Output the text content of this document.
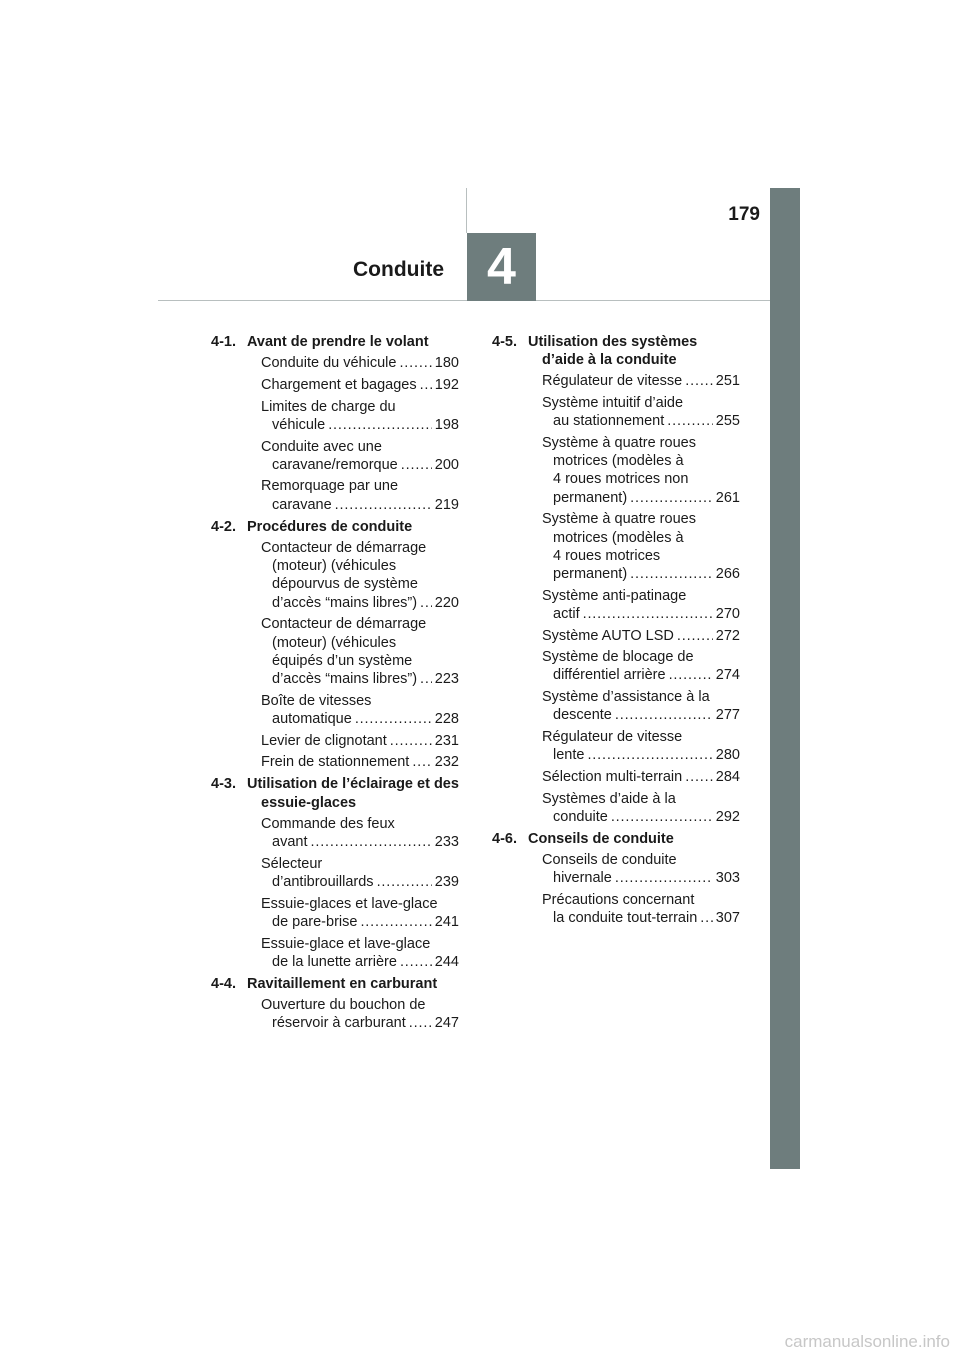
179
Conduite 4
4-1. Avant de prendre le volant
Conduite du véhicule . . .	180
Chargement et bagages . . . 192
Limites de charge du
véhicule . . .	198
Conduite avec une
caravane/remorque . . .	200
Remorquage par une
caravane . . .	219
4-2. Procédures de conduite
Contacteur de démarrage
(moteur) (véhicules
dépourvus de système
d’accès “mains libres”) . . . 220
Contacteur de démarrage
(moteur) (véhicules
équipés d’un système
d’accès “mains libres”) . . . 223
Boîte de vitesses
automatique . . .	228
Levier de clignotant . . .	231
Frein de stationnement . . . 232
4-3. Utilisation de l’éclairage et des essuie-glaces
Commande des feux
avant . . .	233
Sélecteur
d’antibrouillards . . .	239
Essuie-glaces et lave-glace
de pare-brise . . .	241
Essuie-glace et lave-glace
de la lunette arrière . . .	244
4-4. Ravitaillement en carburant
Ouverture du bouchon de
réservoir à carburant . . . 247
4-5. Utilisation des systèmes d’aide à la conduite
Régulateur de vitesse . . . 251
Système intuitif d’aide
au stationnement . . .	255
Système à quatre roues
motrices (modèles à
4 roues motrices non
permanent) . . .	261
Système à quatre roues
motrices (modèles à
4 roues motrices
permanent) . . .	266
Système anti-patinage
actif . . .	270
Système AUTO LSD . . .	272
Système de blocage de
différentiel arrière . . .	274
Système d’assistance à la
descente . . .	277
Régulateur de vitesse
lente . . .	280
Sélection multi-terrain . . . 284
Systèmes d’aide à la
conduite . . .	292
4-6. Conseils de conduite
Conseils de conduite
hivernale . . .	303
Précautions concernant
la conduite tout-terrain . . . 307
carmanualsonline.info
